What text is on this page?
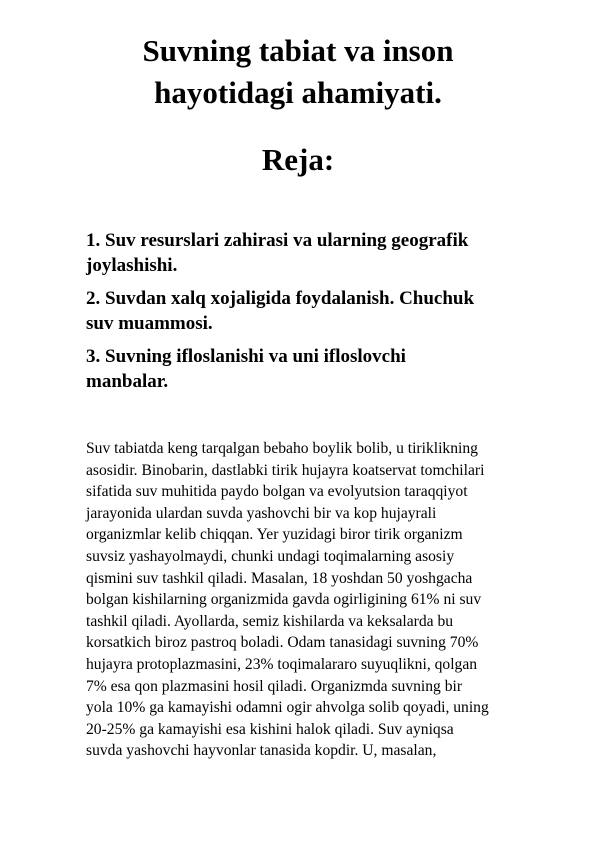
Suvning tabiat va inson
hayotidagi ahamiyati.
Reja:
1. Suv resurslari zahirasi va ularning geografik
joylashishi.
2. Suvdan xalq xojaligida foydalanish. Chuchuk
suv muammosi.
3. Suvning ifloslanishi va uni ifloslovchi
manbalar.

Suv tabiatda keng tarqalgan bebaho boylik bolib, u tiriklikning
asosidir. Binobarin, dastlabki tirik hujayra koatservat tomchilari
sifatida suv muhitida paydo bolgan va evolyutsion taraqqiyot
jarayonida ulardan suvda yashovchi bir va kop hujayrali
organizmlar kelib chiqqan. Yer yuzidagi biror tirik organizm
suvsiz yashayolmaydi, chunki undagi toqimalarning asosiy
qismini suv tashkil qiladi. Masalan, 18 yoshdan 50 yoshgacha
bolgan kishilarning organizmida gavda ogirligining 61% ni suv
tashkil qiladi. Ayollarda, semiz kishilarda va keksalarda bu
korsatkich biroz pastroq boladi. Odam tanasidagi suvning 70%
hujayra protoplazmasini, 23% toqimalararo suyuqlikni, qolgan
7% esa qon plazmasini hosil qiladi. Organizmda suvning bir
yola 10% ga kamayishi odamni ogir ahvolga solib qoyadi, uning
20-25% ga kamayishi esa kishini halok qiladi. Suv ayniqsa
suvda yashovchi hayvonlar tanasida kopdir. U, masalan,
